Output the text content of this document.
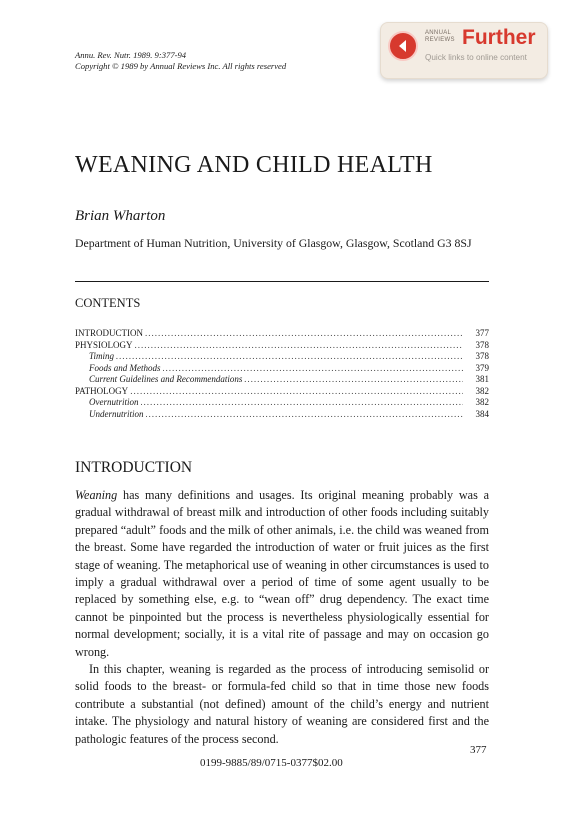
Annu. Rev. Nutr. 1989. 9:377-94
Copyright © 1989 by Annual Reviews Inc. All rights reserved
ANNUAL
REVIEWS Further
Quick links to online content
WEANING AND CHILD HEALTH
Brian Wharton
Department of Human Nutrition, University of Glasgow, Glasgow, Scotland G3 8SJ
CONTENTS
INTRODUCTION .....	377
PHYSIOLOGY .....	378
Timing .....	378
Foods and Methods .....	379
Current Guidelines and Recommendations .....	381
PATHOLOGY .....	382
Overnutrition .....	382
Undernutrition .....	384
INTRODUCTION

Weaning has many definitions and usages. Its original meaning probably was a gradual withdrawal of breast milk and introduction of other foods including suitably prepared “adult” foods and the milk of other animals, i.e. the child was weaned from the breast. Some have regarded the introduction of water or fruit juices as the first stage of weaning. The metaphorical use of weaning in other circumstances is used to imply a gradual withdrawal over a period of time of some agent usually to be replaced by something else, e.g. to “wean off” drug dependency. The exact time cannot be pinpointed but the process is nevertheless physiologically essential for normal development; socially, it is a vital rite of passage and may on occasion go wrong.

In this chapter, weaning is regarded as the process of introducing semisolid or solid foods to the breast- or formula-fed child so that in time those new foods contribute a substantial (not defined) amount of the child’s energy and nutrient intake. The physiology and natural history of weaning are considered first and the pathologic features of the process second.

377
0199-9885/89/0715-0377$02.00
